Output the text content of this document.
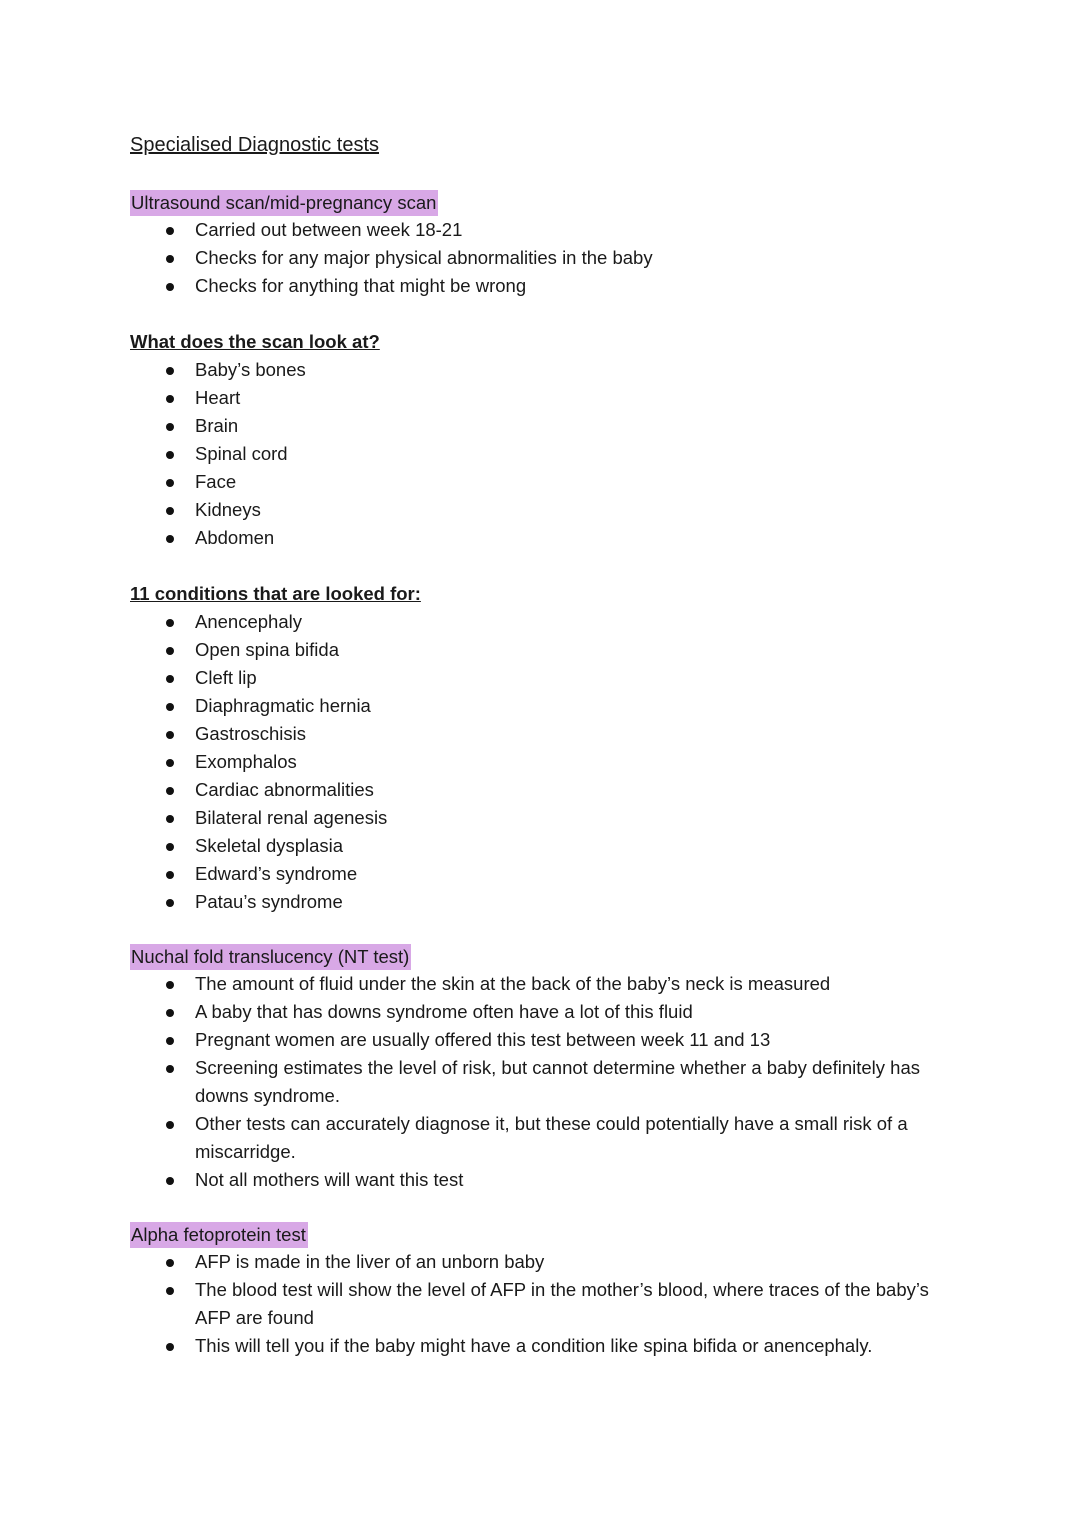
Specialised Diagnostic tests
Ultrasound scan/mid-pregnancy scan
Carried out between week 18-21
Checks for any major physical abnormalities in the baby
Checks for anything that might be wrong
What does the scan look at?
Baby’s bones
Heart
Brain
Spinal cord
Face
Kidneys
Abdomen
11 conditions that are looked for:
Anencephaly
Open spina bifida
Cleft lip
Diaphragmatic hernia
Gastroschisis
Exomphalos
Cardiac abnormalities
Bilateral renal agenesis
Skeletal dysplasia
Edward’s syndrome
Patau’s syndrome
Nuchal fold translucency (NT test)
The amount of fluid under the skin at the back of the baby’s neck is measured
A baby that has downs syndrome often have a lot of this fluid
Pregnant women are usually offered this test between week 11 and 13
Screening estimates the level of risk, but cannot determine whether a baby definitely has downs syndrome.
Other tests can accurately diagnose it, but these could potentially have a small risk of a miscarridge.
Not all mothers will want this test
Alpha fetoprotein test
AFP is made in the liver of an unborn baby
The blood test will show the level of AFP in the mother’s blood, where traces of the baby’s AFP are found
This will tell you if the baby might have a condition like spina bifida or anencephaly.
